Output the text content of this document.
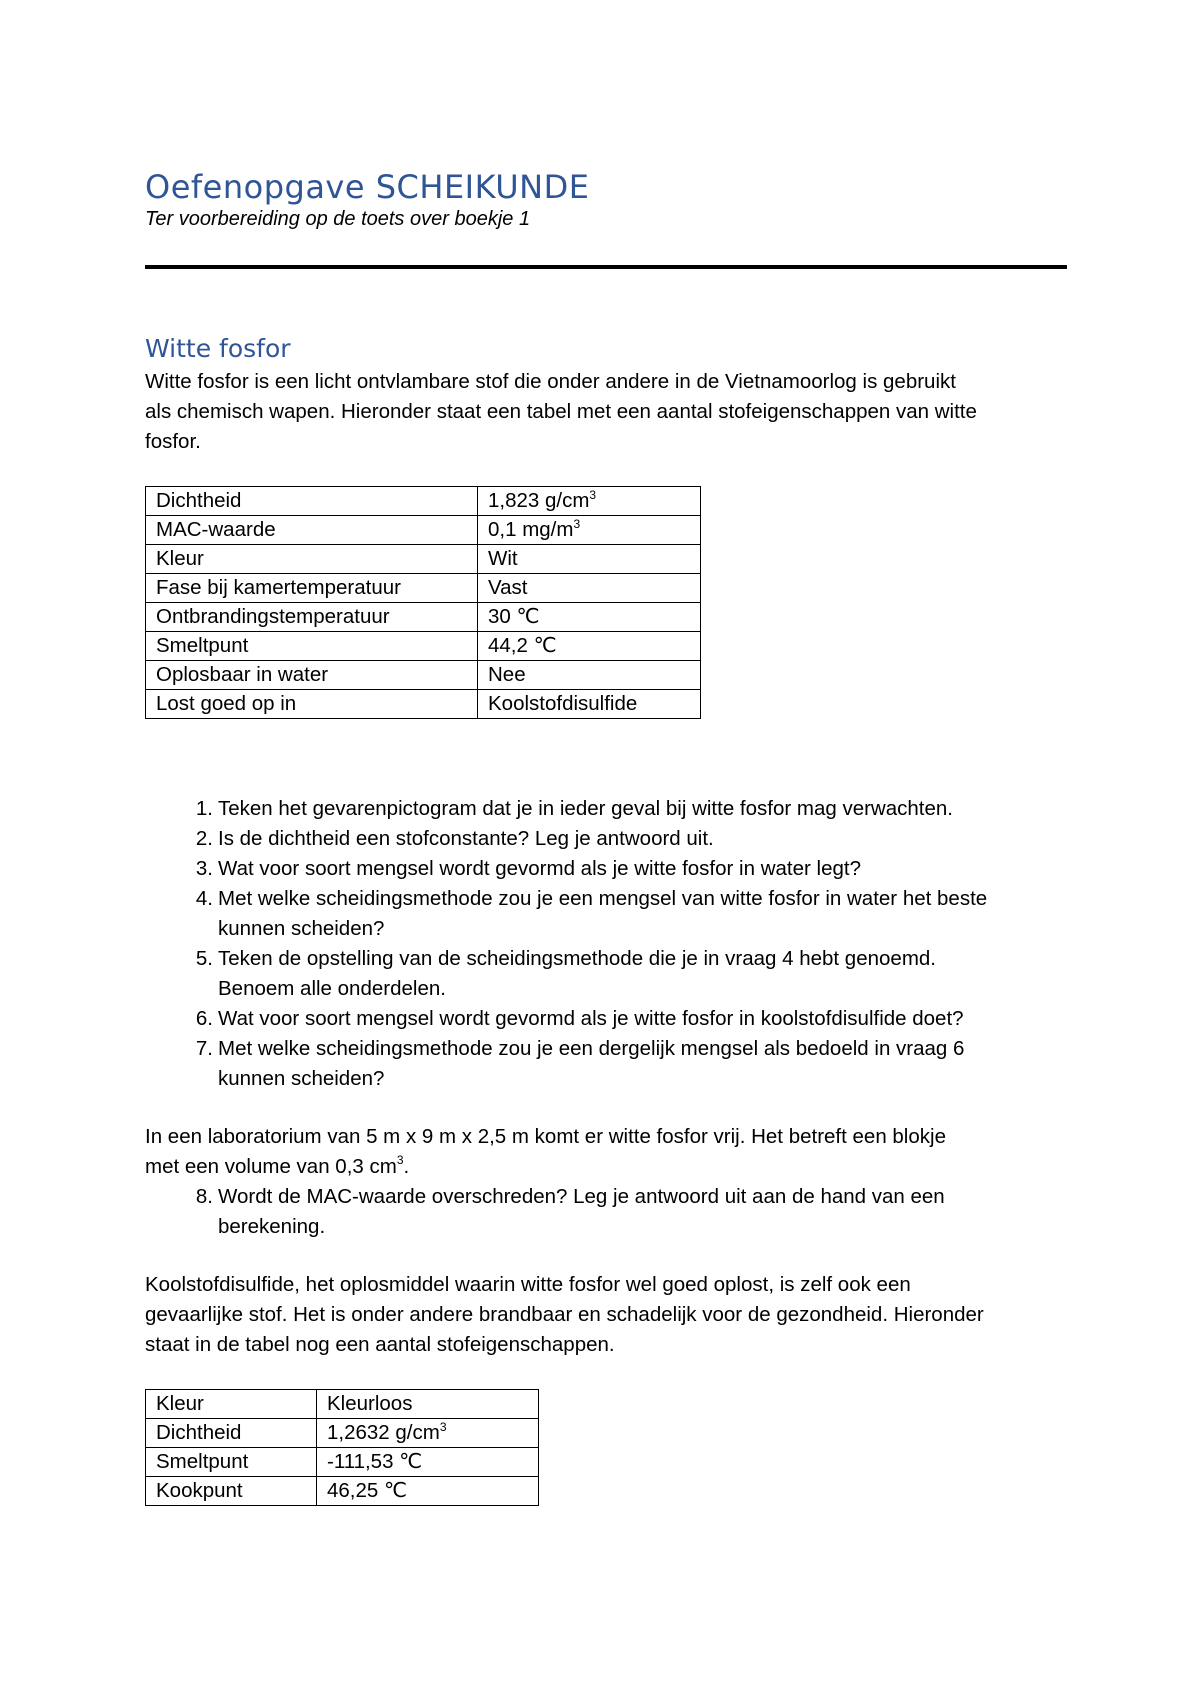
Oefenopgave SCHEIKUNDE
Ter voorbereiding op de toets over boekje 1
Witte fosfor
Witte fosfor is een licht ontvlambare stof die onder andere in de Vietnamoorlog is gebruikt
als chemisch wapen. Hieronder staat een tabel met een aantal stofeigenschappen van witte
fosfor.
Dichtheid	1,823 $g/cm^3$
MAC-waarde	0,1 $mg/m^3$
Kleur	Wit
Fase bij kamertemperatuur	Vast
Ontbrandingstemperatuur	30 ℃
Smeltpunt	44,2 ℃
Oplosbaar in water	Nee
Lost goed op in	Koolstofdisulfide
1 . Teken het gevarenpictogram dat je in ieder geval bij witte fosfor mag verwachten.
2 . Is de dichtheid een stofconstante? Leg je antwoord uit.
3 . Wat voor soort mengsel wordt gevormd als je witte fosfor in water legt?
4 . Met welke scheidingsmethode zou je een mengsel van witte fosfor in water het beste
kunnen scheiden?
5 . Teken de opstelling van de scheidingsmethode die je in vraag 4 hebt genoemd.
Benoem alle onderdelen.
6 . Wat voor soort mengsel wordt gevormd als je witte fosfor in koolstofdisulfide doet?
7 . Met welke scheidingsmethode zou je een dergelijk mengsel als bedoeld in vraag 6
kunnen scheiden?
In een laboratorium van 5 m x 9 m x 2,5 m komt er witte fosfor vrij. Het betreft een blokje
met een volume van 0,3 $cm^3$.
8 . Wordt de MAC-waarde overschreden? Leg je antwoord uit aan de hand van een
berekening.
Koolstofdisulfide, het oplosmiddel waarin witte fosfor wel goed oplost, is zelf ook een
gevaarlijke stof. Het is onder andere brandbaar en schadelijk voor de gezondheid. Hieronder
staat in de tabel nog een aantal stofeigenschappen.
Kleur	Kleurloos
Dichtheid	1,2632 $g/cm^3$
Smeltpunt	-111,53 ℃
Kookpunt	46,25 ℃
